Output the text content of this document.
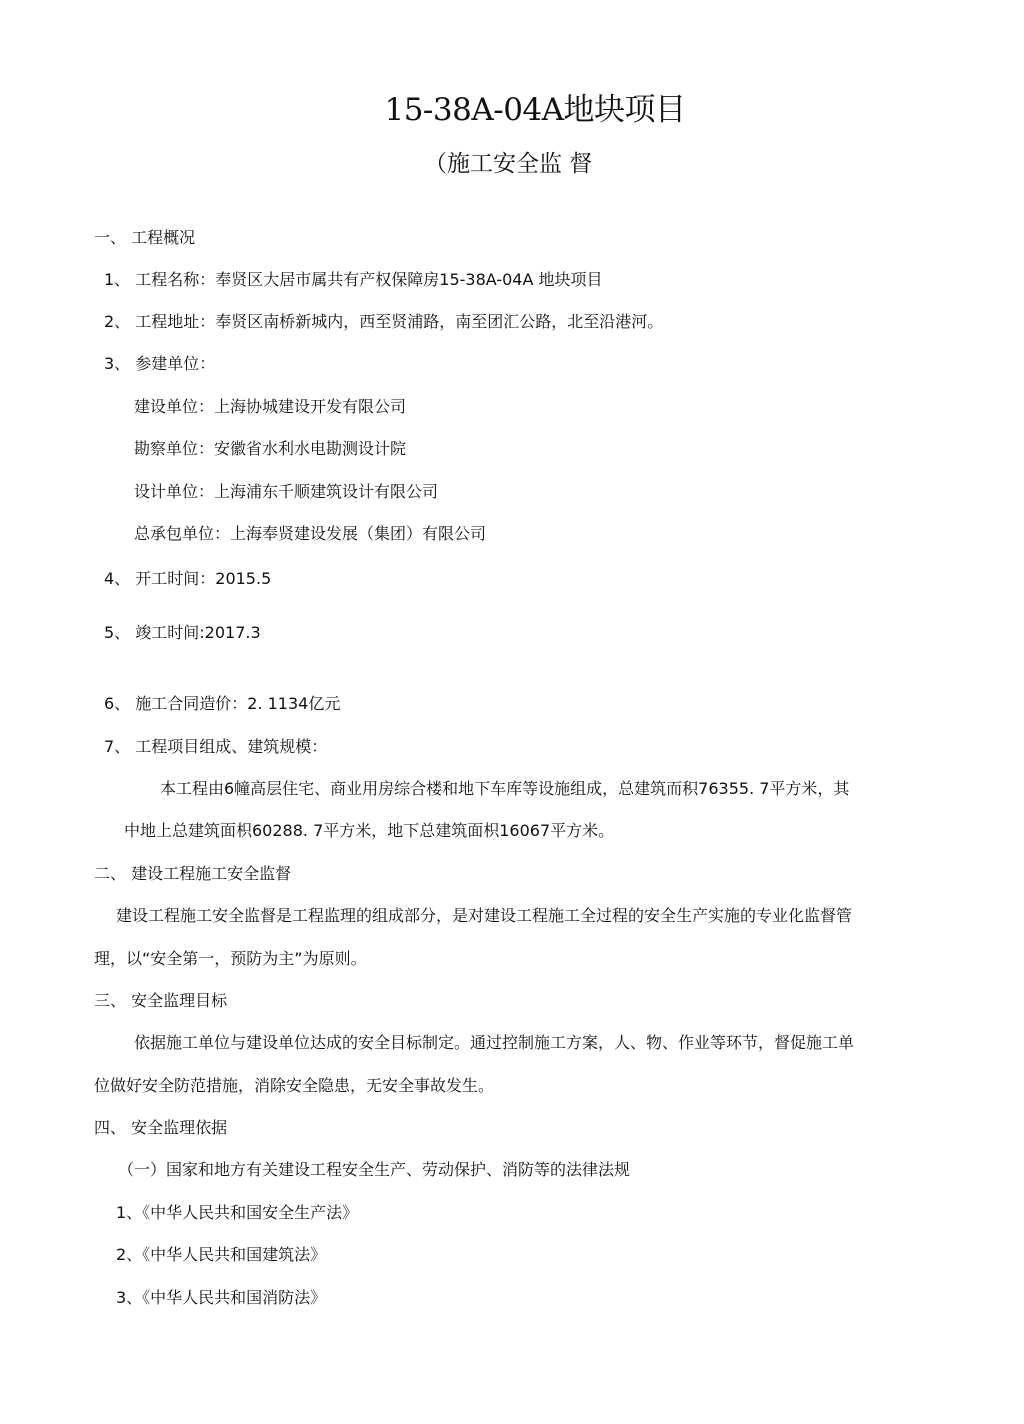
15-38A-04A地块项目
（施工安全监 督
一、 工程概况
1、 工程名称：奉贤区大居市属共有产权保障房15-38A-04A 地块项目
2、 工程地址：奉贤区南桥新城内，西至贤浦路，南至团汇公路，北至沿港河。
3、 参建单位：
建设单位：上海协城建设开发有限公司
勘察单位：安徽省水利水电勘测设计院
设计单位：上海浦东千顺建筑设计有限公司
总承包单位：上海奉贤建设发展（集团）有限公司
4、 开工时间：2015.5
5、 竣工时间:2017.3
6、 施工合同造价：2. 1134亿元
7、 工程项目组成、建筑规模：
本工程由6幢高层住宅、商业用房综合楼和地下车库等设施组成，总建筑而积76355. 7平方米，其
中地上总建筑面枳60288. 7平方米，地下总建筑面枳16067平方米。
二、 建设工程施工安全监督
建设工程施工安全监督是工程监理的组成部分，是对建设工程施工全过程的安全生产实施的专业化监督管
理，以“安全第一，预防为主”为原则。
三、 安全监理目标
依据施工单位与建设单位达成的安全目标制定。通过控制施工方案，人、物、作业等环节，督促施工单
位做好安全防范措施，消除安全隐患，无安全事故发生。
四、 安全监理依据
（一）国家和地方有关建设工程安全生产、劳动保护、消防等的法律法规
1、《中华人民共和国安全生产法》
2、《中华人民共和国建筑法》
3、《中华人民共和国消防法》
